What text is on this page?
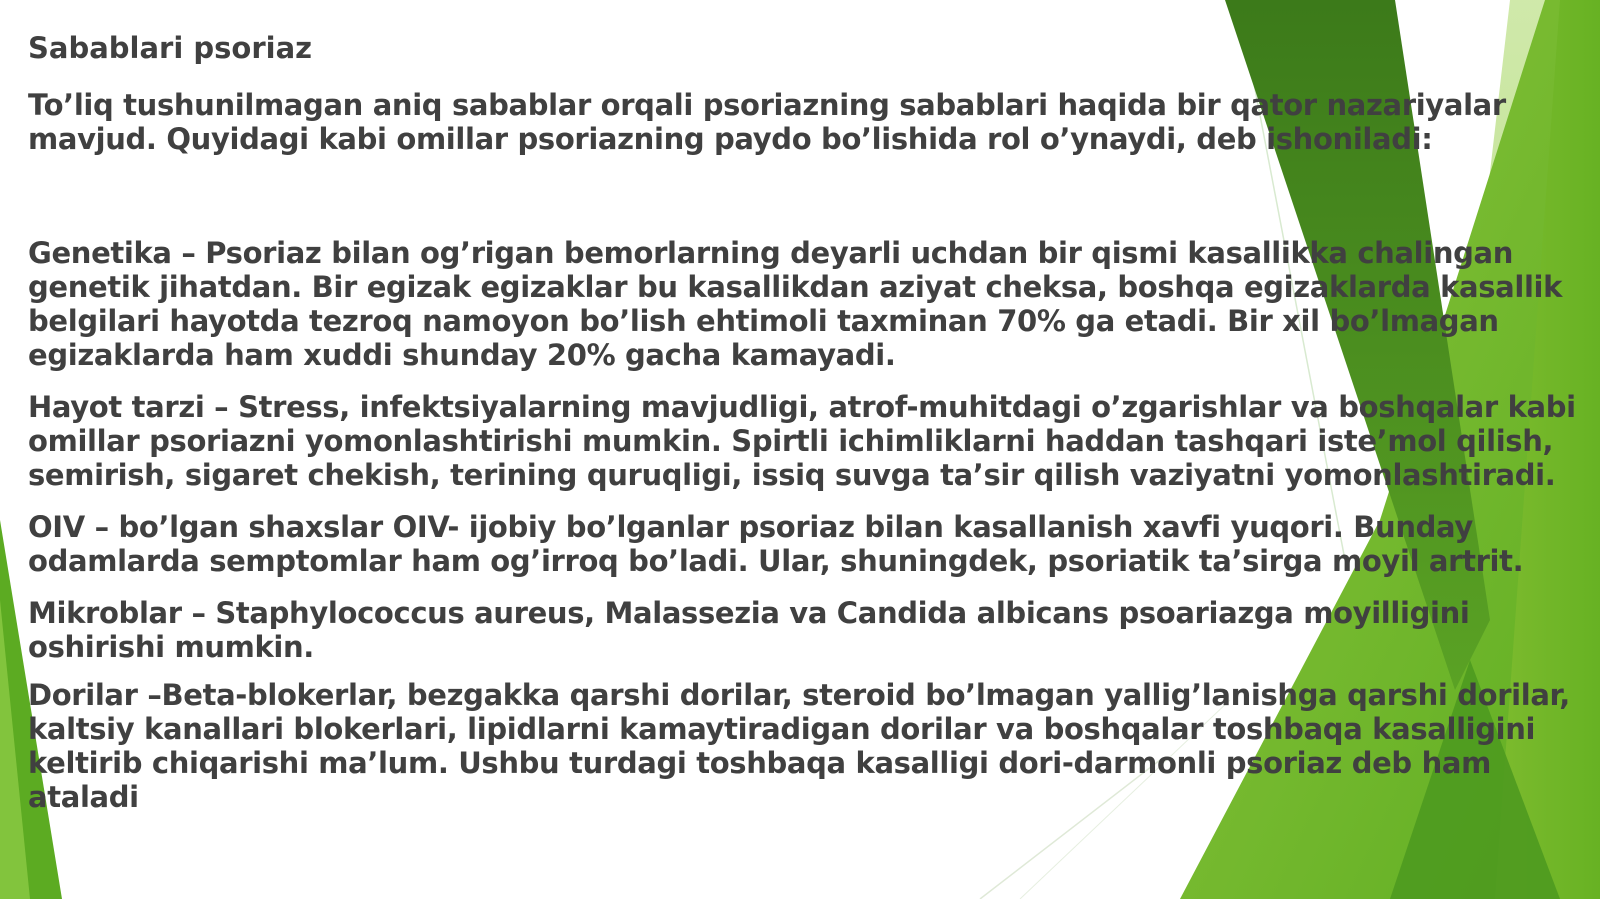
Sabablari psoriaz
To’liq tushunilmagan aniq sabablar orqali psoriazning sabablari haqida bir qator nazariyalar mavjud. Quyidagi kabi omillar psoriazning paydo bo’lishida rol o’ynaydi, deb ishoniladi:
Genetika – Psoriaz bilan og’rigan bemorlarning deyarli uchdan bir qismi kasallikka chalingan genetik jihatdan. Bir egizak egizaklar bu kasallikdan aziyat cheksa, boshqa egizaklarda kasallik belgilari hayotda tezroq namoyon bo’lish ehtimoli taxminan 70% ga etadi. Bir xil bo’lmagan egizaklarda ham xuddi shunday 20% gacha kamayadi.
Hayot tarzi – Stress, infektsiyalarning mavjudligi, atrof-muhitdagi o’zgarishlar va boshqalar kabi omillar psoriazni yomonlashtirishi mumkin. Spirtli ichimliklarni haddan tashqari iste’mol qilish, semirish, sigaret chekish, terining quruqligi, issiq suvga ta’sir qilish vaziyatni yomonlashtiradi.
OIV – bo’lgan shaxslar OIV- ijobiy bo’lganlar psoriaz bilan kasallanish xavfi yuqori. Bunday odamlarda semptomlar ham og’irroq bo’ladi. Ular, shuningdek, psoriatik ta’sirga moyil artrit.
Mikroblar – Staphylococcus aureus, Malassezia va Candida albicans psoariazga moyilligini oshirishi mumkin.
Dorilar –Beta-blokerlar, bezgakka qarshi dorilar, steroid bo’lmagan yallig’lanishga qarshi dorilar, kaltsiy kanallari blokerlari, lipidlarni kamaytiradigan dorilar va boshqalar toshbaqa kasalligini keltirib chiqarishi ma’lum. Ushbu turdagi toshbaqa kasalligi dori-darmonli psoriaz deb ham ataladi
